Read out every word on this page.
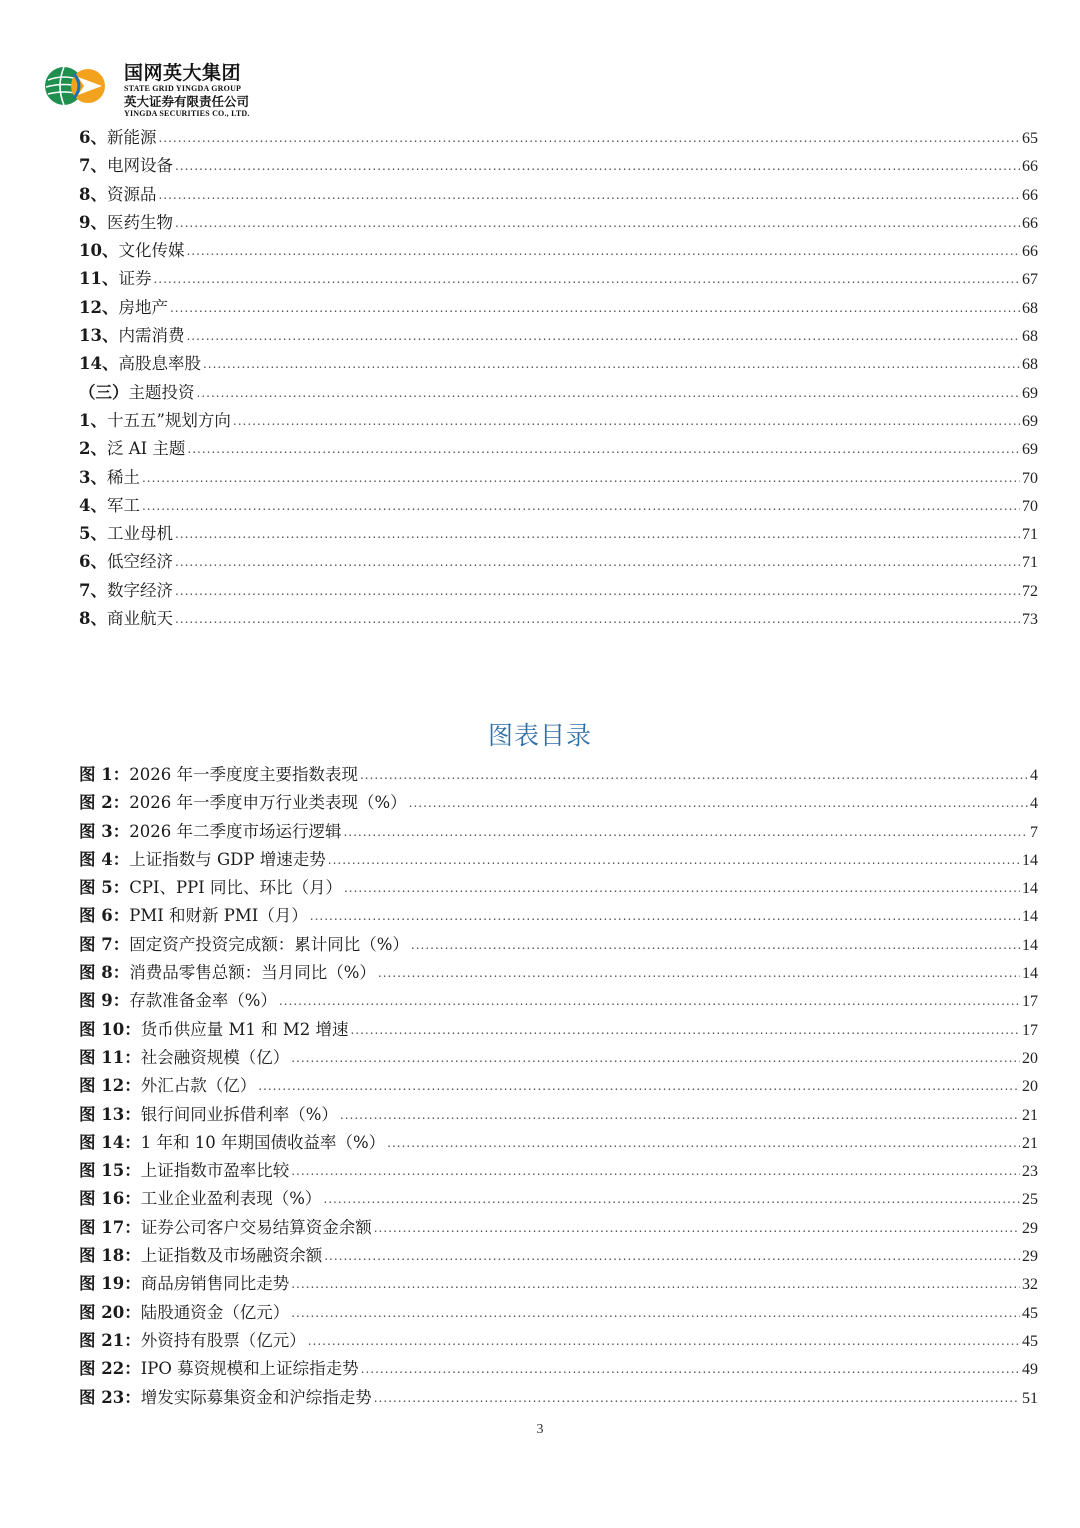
国网英大集团
STATE GRID YINGDA GROUP
英大证券有限责任公司
YINGDA SECURITIES CO., LTD.
6、新能源 .....	65
7、电网设备 .....	66
8、资源品 .....	66
9、医药生物 .....	66
10、文化传媒 .....	66
11、证券 .....	67
12、房地产 .....	68
13、内需消费 .....	68
14、高股息率股 .....	68
（三）主题投资 .....	69
1、十五五”规划方向 .....	69
2、泛 AI 主题 .....	69
3、稀土 .....	70
4、军工 .....	70
5、工业母机 .....	71
6、低空经济 .....	71
7、数字经济 .....	72
8、商业航天 .....	73
图表目录
图 1：2026 年一季度度主要指数表现 .....	4
图 2：2026 年一季度申万行业类表现（%） .....	4
图 3：2026 年二季度市场运行逻辑 .....	7
图 4：上证指数与 GDP 增速走势 .....	14
图 5：CPI、PPI 同比、环比（月） .....	14
图 6：PMI 和财新 PMI（月） .....	14
图 7：固定资产投资完成额：累计同比（%） .....	14
图 8：消费品零售总额：当月同比（%） .....	14
图 9：存款准备金率（%） .....	17
图 10：货币供应量 M1 和 M2 增速 .....	17
图 11：社会融资规模（亿） .....	20
图 12：外汇占款（亿） .....	20
图 13：银行间同业拆借利率（%） .....	21
图 14：1 年和 10 年期国债收益率（%） .....	21
图 15：上证指数市盈率比较 .....	23
图 16：工业企业盈利表现（%） .....	25
图 17：证券公司客户交易结算资金余额 .....	29
图 18：上证指数及市场融资余额 .....	29
图 19：商品房销售同比走势 .....	32
图 20：陆股通资金（亿元） .....	45
图 21：外资持有股票（亿元） .....	45
图 22：IPO 募资规模和上证综指走势 .....	49
图 23：增发实际募集资金和沪综指走势 .....	51
3
